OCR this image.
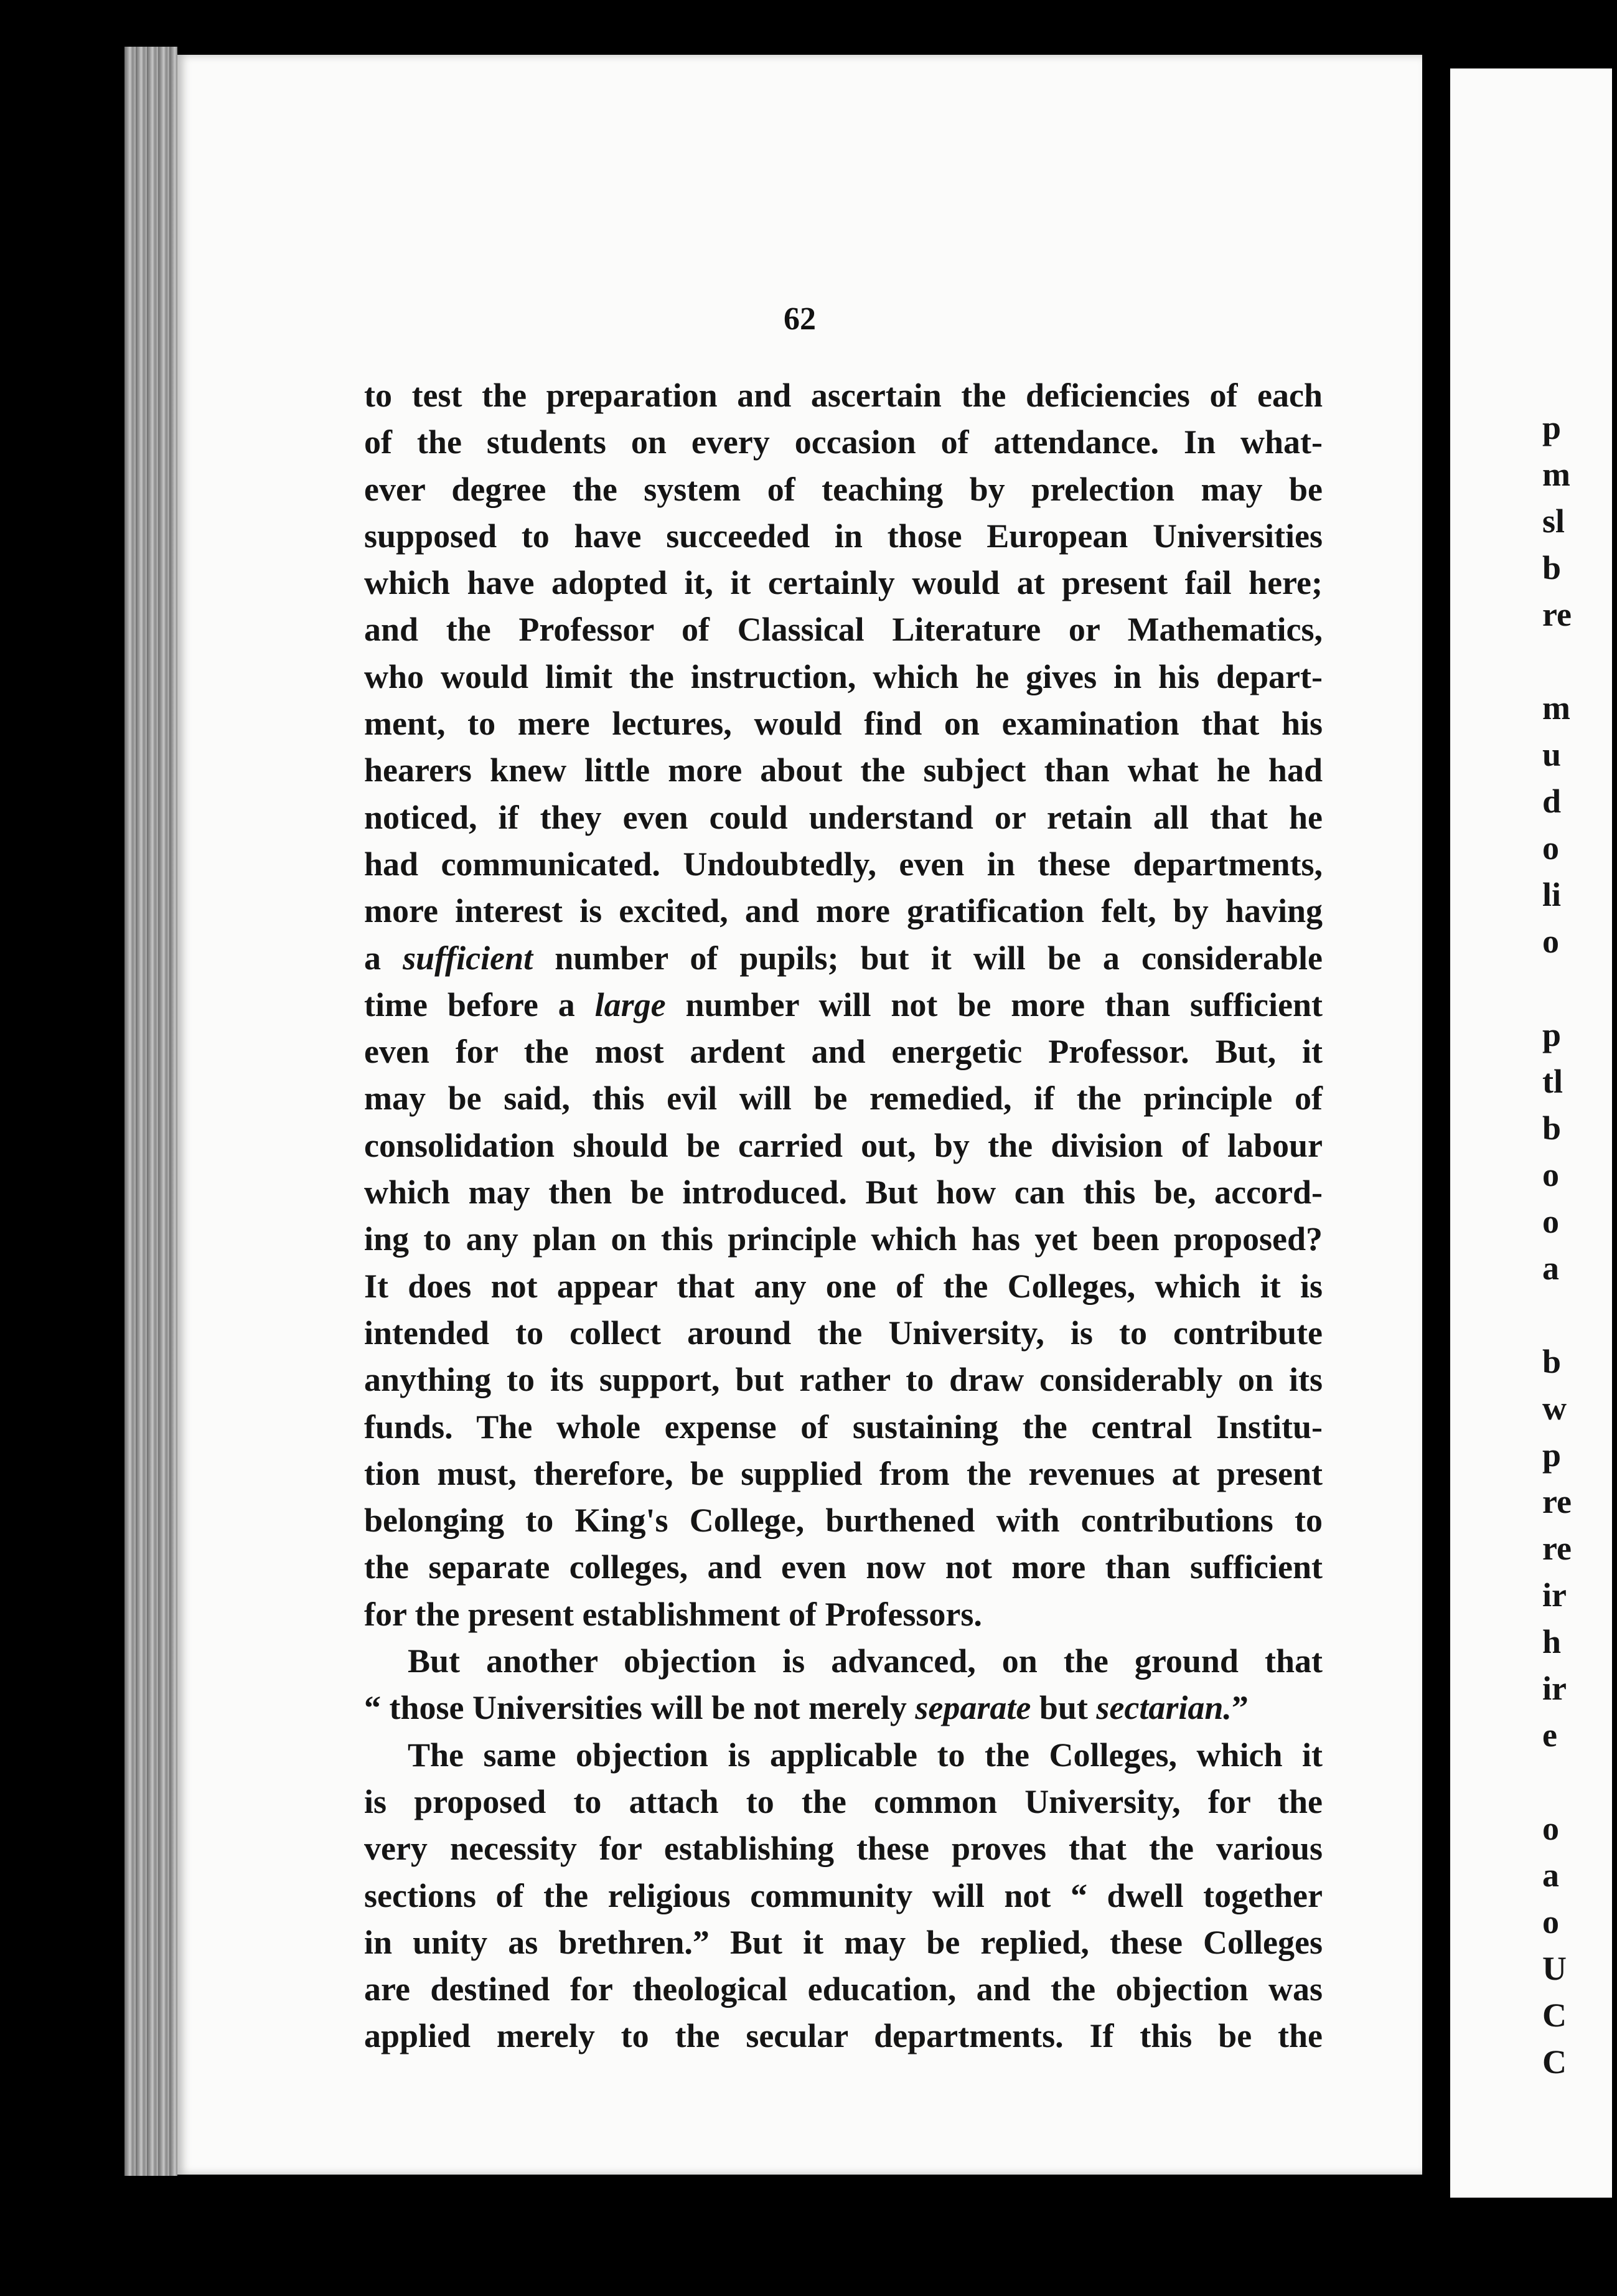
62

to test the preparation and ascertain the deficiencies of each

of the students on every occasion of attendance. In what-

ever degree the system of teaching by prelection may be

supposed to have succeeded in those European Universities

which have adopted it, it certainly would at present fail here;

and the Professor of Classical Literature or Mathematics,

who would limit the instruction, which he gives in his depart-

ment, to mere lectures, would find on examination that his

hearers knew little more about the subject than what he had

noticed, if they even could understand or retain all that he

had communicated. Undoubtedly, even in these departments,

more interest is excited, and more gratification felt, by having

a sufficient number of pupils; but it will be a considerable

time before a large number will not be more than sufficient

even for the most ardent and energetic Professor. But, it

may be said, this evil will be remedied, if the principle of

consolidation should be carried out, by the division of labour

which may then be introduced. But how can this be, accord-

ing to any plan on this principle which has yet been proposed?

It does not appear that any one of the Colleges, which it is

intended to collect around the University, is to contribute

anything to its support, but rather to draw considerably on its

funds. The whole expense of sustaining the central Institu-

tion must, therefore, be supplied from the revenues at present

belonging to King's College, burthened with contributions to

the separate colleges, and even now not more than sufficient

for the present establishment of Professors.

But another objection is advanced, on the ground that

“ those Universities will be not merely separate but sectarian.”

The same objection is applicable to the Colleges, which it

is proposed to attach to the common University, for the

very necessity for establishing these proves that the various

sections of the religious community will not “ dwell together

in unity as brethren.” But it may be replied, these Colleges

are destined for theological education, and the objection was

applied merely to the secular departments. If this be the

p
m
sl
b
re
m
u
d
o
li
o
p
tl
b
o
o
a
b
w
p
re
re
ir
h
ir
e
o
a
o
U
C
C
